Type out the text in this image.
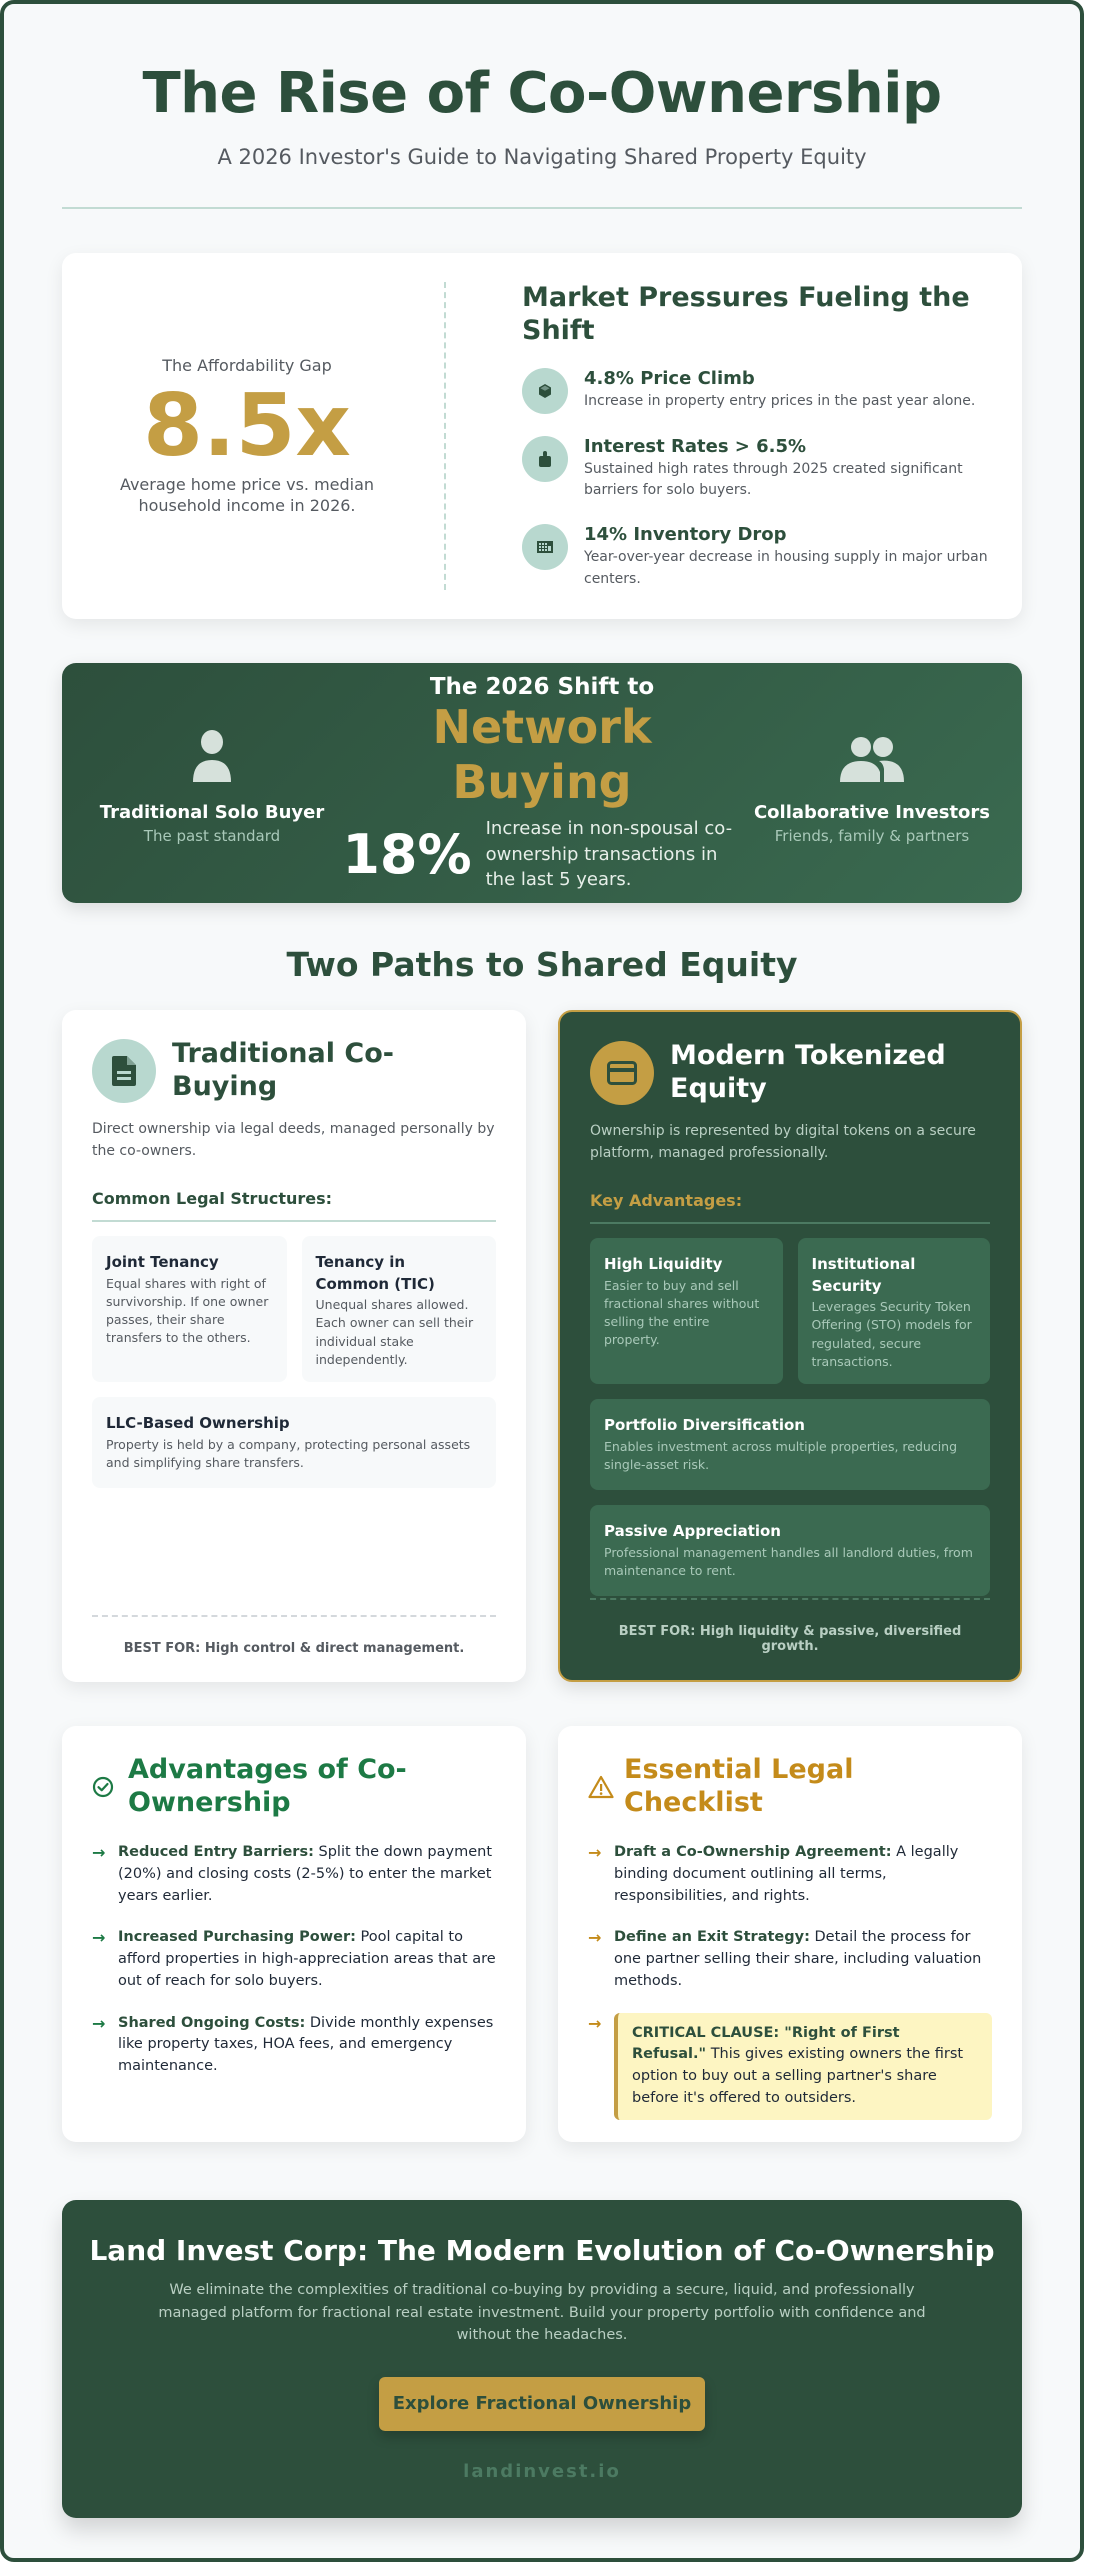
The Rise of Co-Ownership
A 2026 Investor's Guide to Navigating Shared Property Equity
The Affordability Gap
8.5x
Average home price vs. median household income in 2026.
Market Pressures Fueling the Shift
4.8% Price Climb
Increase in property entry prices in the past year alone.
Interest Rates > 6.5%
Sustained high rates through 2025 created significant barriers for solo buyers.
14% Inventory Drop
Year-over-year decrease in housing supply in major urban centers.
Traditional Solo Buyer
The past standard
The 2026 Shift to
Network Buying
18% Increase in non-spousal co-ownership transactions in the last 5 years.
Collaborative Investors
Friends, family & partners
Two Paths to Shared Equity
Traditional Co-Buying
Direct ownership via legal deeds, managed personally by the co-owners.
Common Legal Structures:
Joint Tenancy
Equal shares with right of survivorship. If one owner passes, their share transfers to the others.
Tenancy in Common (TIC)
Unequal shares allowed. Each owner can sell their individual stake independently.
LLC-Based Ownership
Property is held by a company, protecting personal assets and simplifying share transfers.
BEST FOR: High control & direct management.
Modern Tokenized Equity
Ownership is represented by digital tokens on a secure platform, managed professionally.
Key Advantages:
High Liquidity
Easier to buy and sell fractional shares without selling the entire property.
Institutional Security
Leverages Security Token Offering (STO) models for regulated, secure transactions.
Portfolio Diversification
Enables investment across multiple properties, reducing single-asset risk.
Passive Appreciation
Professional management handles all landlord duties, from maintenance to rent.
BEST FOR: High liquidity & passive, diversified growth.
Advantages of Co-Ownership
→ Reduced Entry Barriers: Split the down payment (20%) and closing costs (2-5%) to enter the market years earlier.
→ Increased Purchasing Power: Pool capital to afford properties in high-appreciation areas that are out of reach for solo buyers.
→ Shared Ongoing Costs: Divide monthly expenses like property taxes, HOA fees, and emergency maintenance.
Essential Legal Checklist
→ Draft a Co-Ownership Agreement: A legally binding document outlining all terms, responsibilities, and rights.
→ Define an Exit Strategy: Detail the process for one partner selling their share, including valuation methods.
→	CRITICAL CLAUSE: "Right of First Refusal." This gives existing owners the first option to buy out a selling partner's share before it's offered to outsiders.
Land Invest Corp: The Modern Evolution of Co-Ownership
We eliminate the complexities of traditional co-buying by providing a secure, liquid, and professionally managed platform for fractional real estate investment. Build your property portfolio with confidence and without the headaches.
Explore Fractional Ownership
landinvest.io
